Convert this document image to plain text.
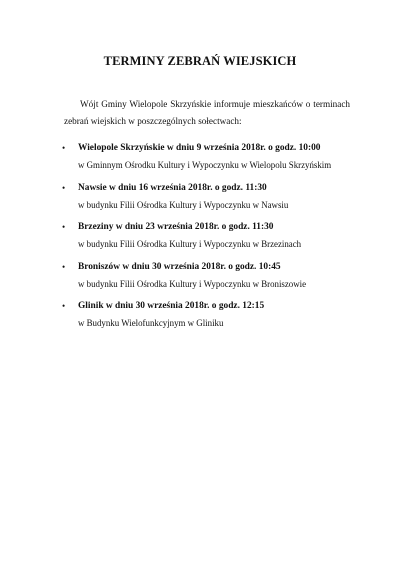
TERMINY ZEBRAŃ WIEJSKICH
Wójt Gminy Wielopole Skrzyńskie informuje mieszkańców o terminach zebrań wiejskich w poszczególnych sołectwach:
• Wielopole Skrzyńskie w dniu 9 września 2018r. o godz. 10:00
w Gminnym Ośrodku Kultury i Wypoczynku w Wielopolu Skrzyńskim
• Nawsie w dniu 16 września 2018r. o godz. 11:30
w budynku Filii Ośrodka Kultury i Wypoczynku w Nawsiu
• Brzeziny w dniu 23 września 2018r. o godz. 11:30
w budynku Filii Ośrodka Kultury i Wypoczynku w Brzezinach
• Broniszów w dniu 30 września 2018r. o godz. 10:45
w budynku Filii Ośrodka Kultury i Wypoczynku w Broniszowie
• Glinik w dniu 30 września 2018r. o godz. 12:15
w Budynku Wielofunkcyjnym w Gliniku
